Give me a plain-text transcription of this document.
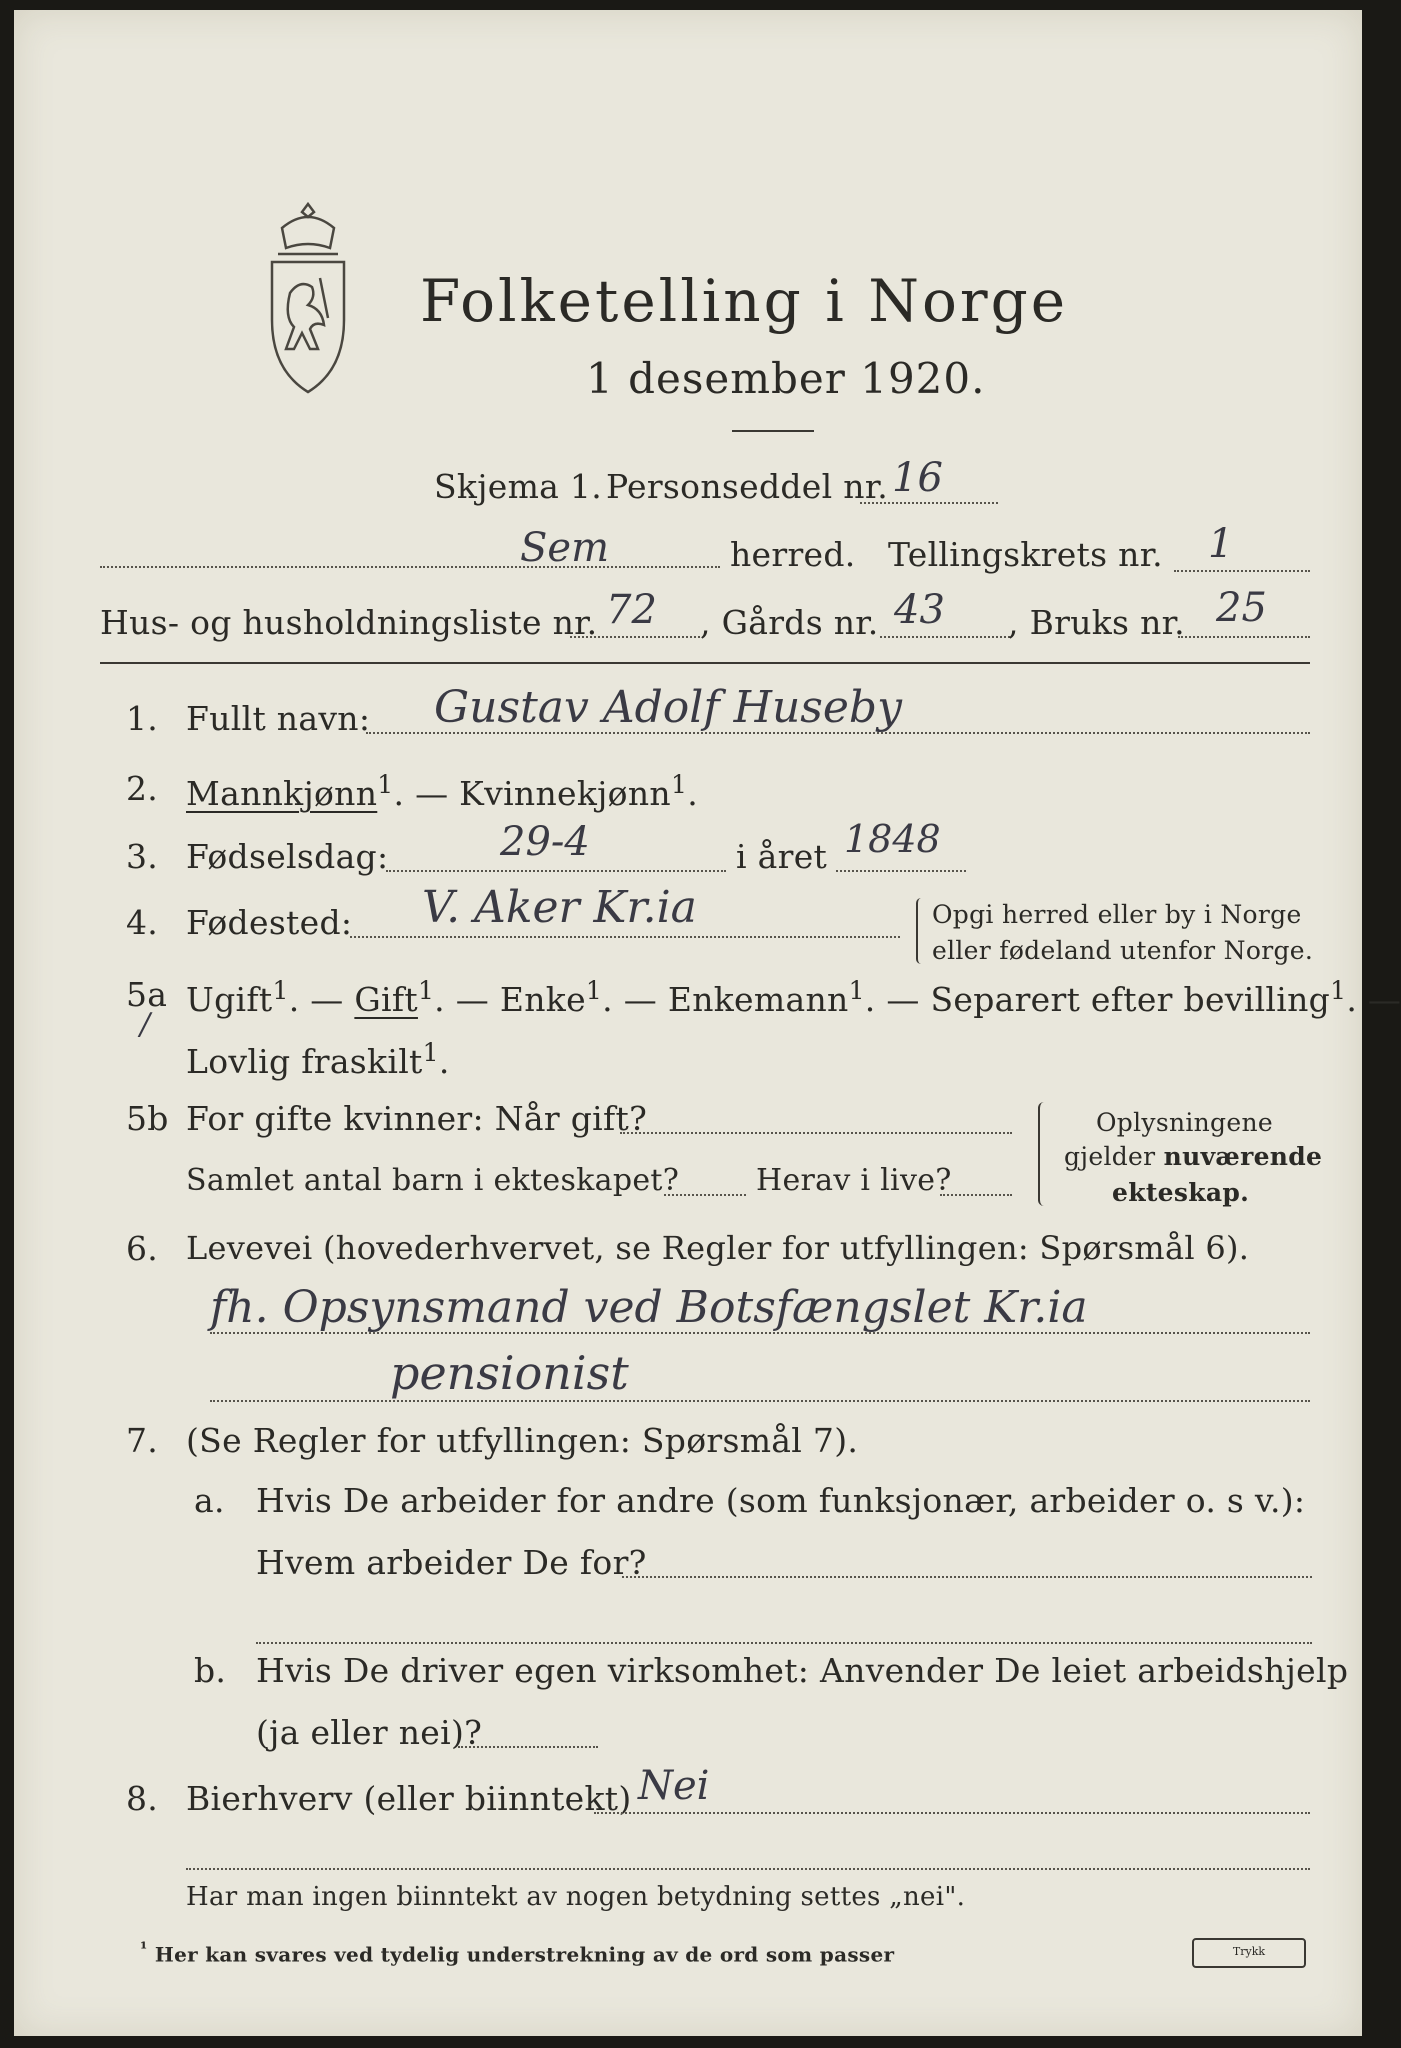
Folketelling i Norge
1 desember 1920.
Skjema 1. Personseddel nr. 16
Sem	herred. Tellingskrets nr. 1
Hus- og husholdningsliste nr. 72 , Gårds nr. 43 , Bruks nr. 25
1. Fullt navn: Gustav Adolf Huseby
2. Mannkjønn$^1$. — Kvinnekjønn$^1$.
3. Fødselsdag:	29-4	i året 1848
4. Fødested: V. Aker Kr.ia	Opgi herred eller by i Norge
eller fødeland utenfor Norge.
5a
/
Ugift$^1$. — Gift$^1$. — Enke$^1$. — Enkemann$^1$. — Separert efter bevilling$^1$. —
Lovlig fraskilt$^1$.
5b For gifte kvinner: Når gift?
Samlet antal barn i ekteskapet?	Herav i live?
Oplysningene
gjelder nuværende
ekteskap.
6. Levevei (hovederhvervet, se Regler for utfyllingen: Spørsmål 6).
fh. Opsynsmand ved Botsfængslet Kr.ia
pensionist
7. (Se Regler for utfyllingen: Spørsmål 7).
a. Hvis De arbeider for andre (som funksjonær, arbeider o. s v.):
Hvem arbeider De for?
b. Hvis De driver egen virksomhet: Anvender De leiet arbeidshjelp
(ja eller nei)?
8. Bierhverv (eller biinntekt) Nei
Har man ingen biinntekt av nogen betydning settes „nei".
$^{^1}$ Her kan svares ved tydelig understrekning av de ord som passer	Trykk
